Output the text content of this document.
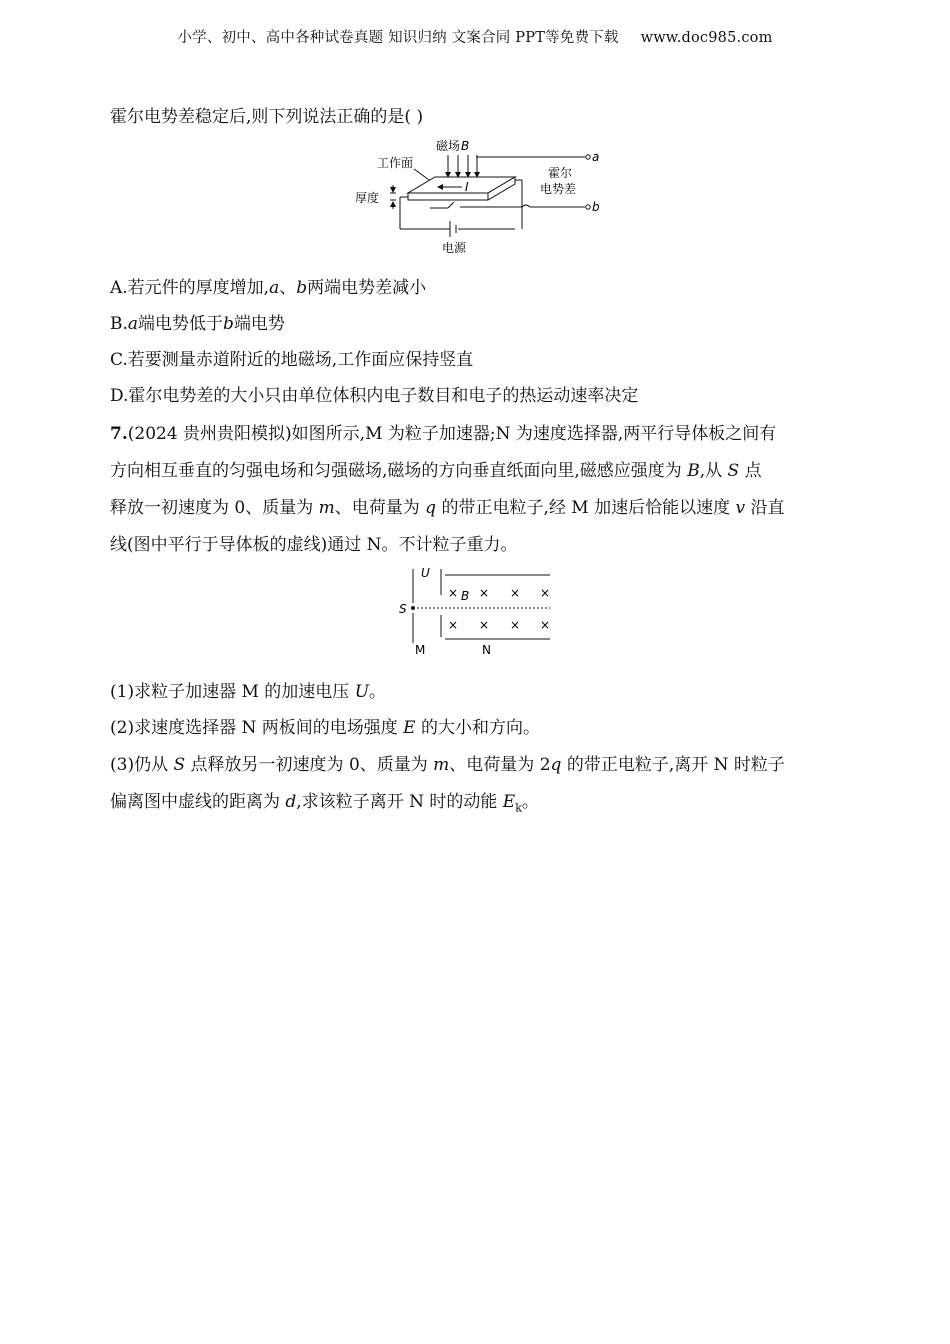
小学、初中、高中各种试卷真题 知识归纳 文案合同 PPT等免费下载 www.doc985.com
霍尔电势差稳定后,则下列说法正确的是( )
工作面
磁场 B
a
霍尔
电势差
I
厚度
b
电源
A.若元件的厚度增加,a、b两端电势差减小
B.a端电势低于b端电势
C.若要测量赤道附近的地磁场,工作面应保持竖直
D.霍尔电势差的大小只由单位体积内电子数目和电子的热运动速率决定
7.(2024 贵州贵阳模拟)如图所示,M 为粒子加速器;N 为速度选择器,两平行导体板之间有
方向相互垂直的匀强电场和匀强磁场,磁场的方向垂直纸面向里,磁感应强度为 B,从 S 点
释放一初速度为 0、质量为 m、电荷量为 q 的带正电粒子,经 M 加速后恰能以速度 v 沿直
线(图中平行于导体板的虚线)通过 N。不计粒子重力。
U
S
× B × × ×
× × × ×
M	N
(1)求粒子加速器 M 的加速电压 U。
(2)求速度选择器 N 两板间的电场强度 E 的大小和方向。
(3)仍从 S 点释放另一初速度为 0、质量为 m、电荷量为 2q 的带正电粒子,离开 N 时粒子
偏离图中虚线的距离为 d,求该粒子离开 N 时的动能 $E_k$。
